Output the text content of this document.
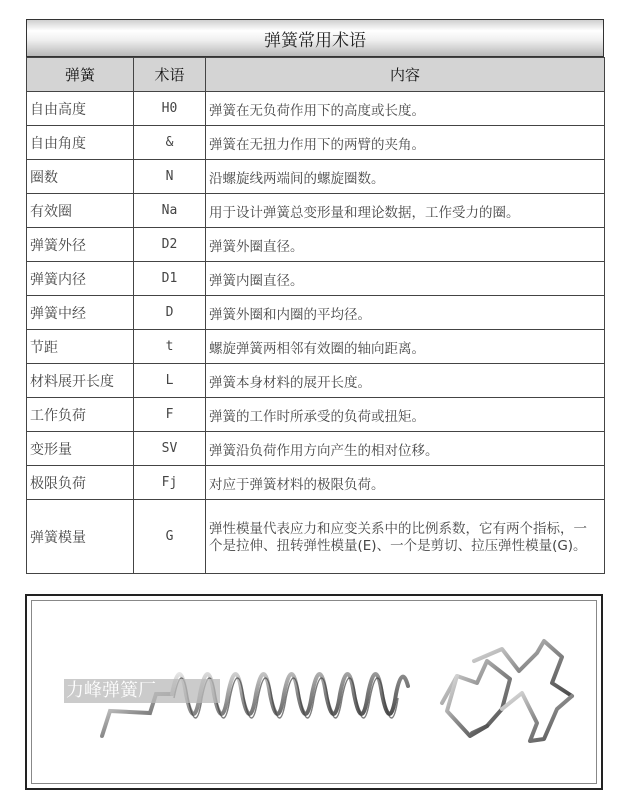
弹簧常用术语
弹簧	术语	内容
自由高度	H0	弹簧在无负荷作用下的高度或长度。
自由角度	&	弹簧在无扭力作用下的两臂的夹角。
圈数	N	沿螺旋线两端间的螺旋圈数。
有效圈	Na	用于设计弹簧总变形量和理论数据，工作受力的圈。
弹簧外径	D2	弹簧外圈直径。
弹簧内径	D1	弹簧内圈直径。
弹簧中经	D	弹簧外圈和内圈的平均径。
节距	t	螺旋弹簧两相邻有效圈的轴向距离。
材料展开长度	L	弹簧本身材料的展开长度。
工作负荷	F	弹簧的工作时所承受的负荷或扭矩。
变形量	SV	弹簧沿负荷作用方向产生的相对位移。
极限负荷	Fj	对应于弹簧材料的极限负荷。
弹簧模量	G	弹性模量代表应力和应变关系中的比例系数，它有两个指标，一个是拉伸、扭转弹性模量(E)、一个是剪切、拉压弹性模量(G)。
力峰弹簧厂
